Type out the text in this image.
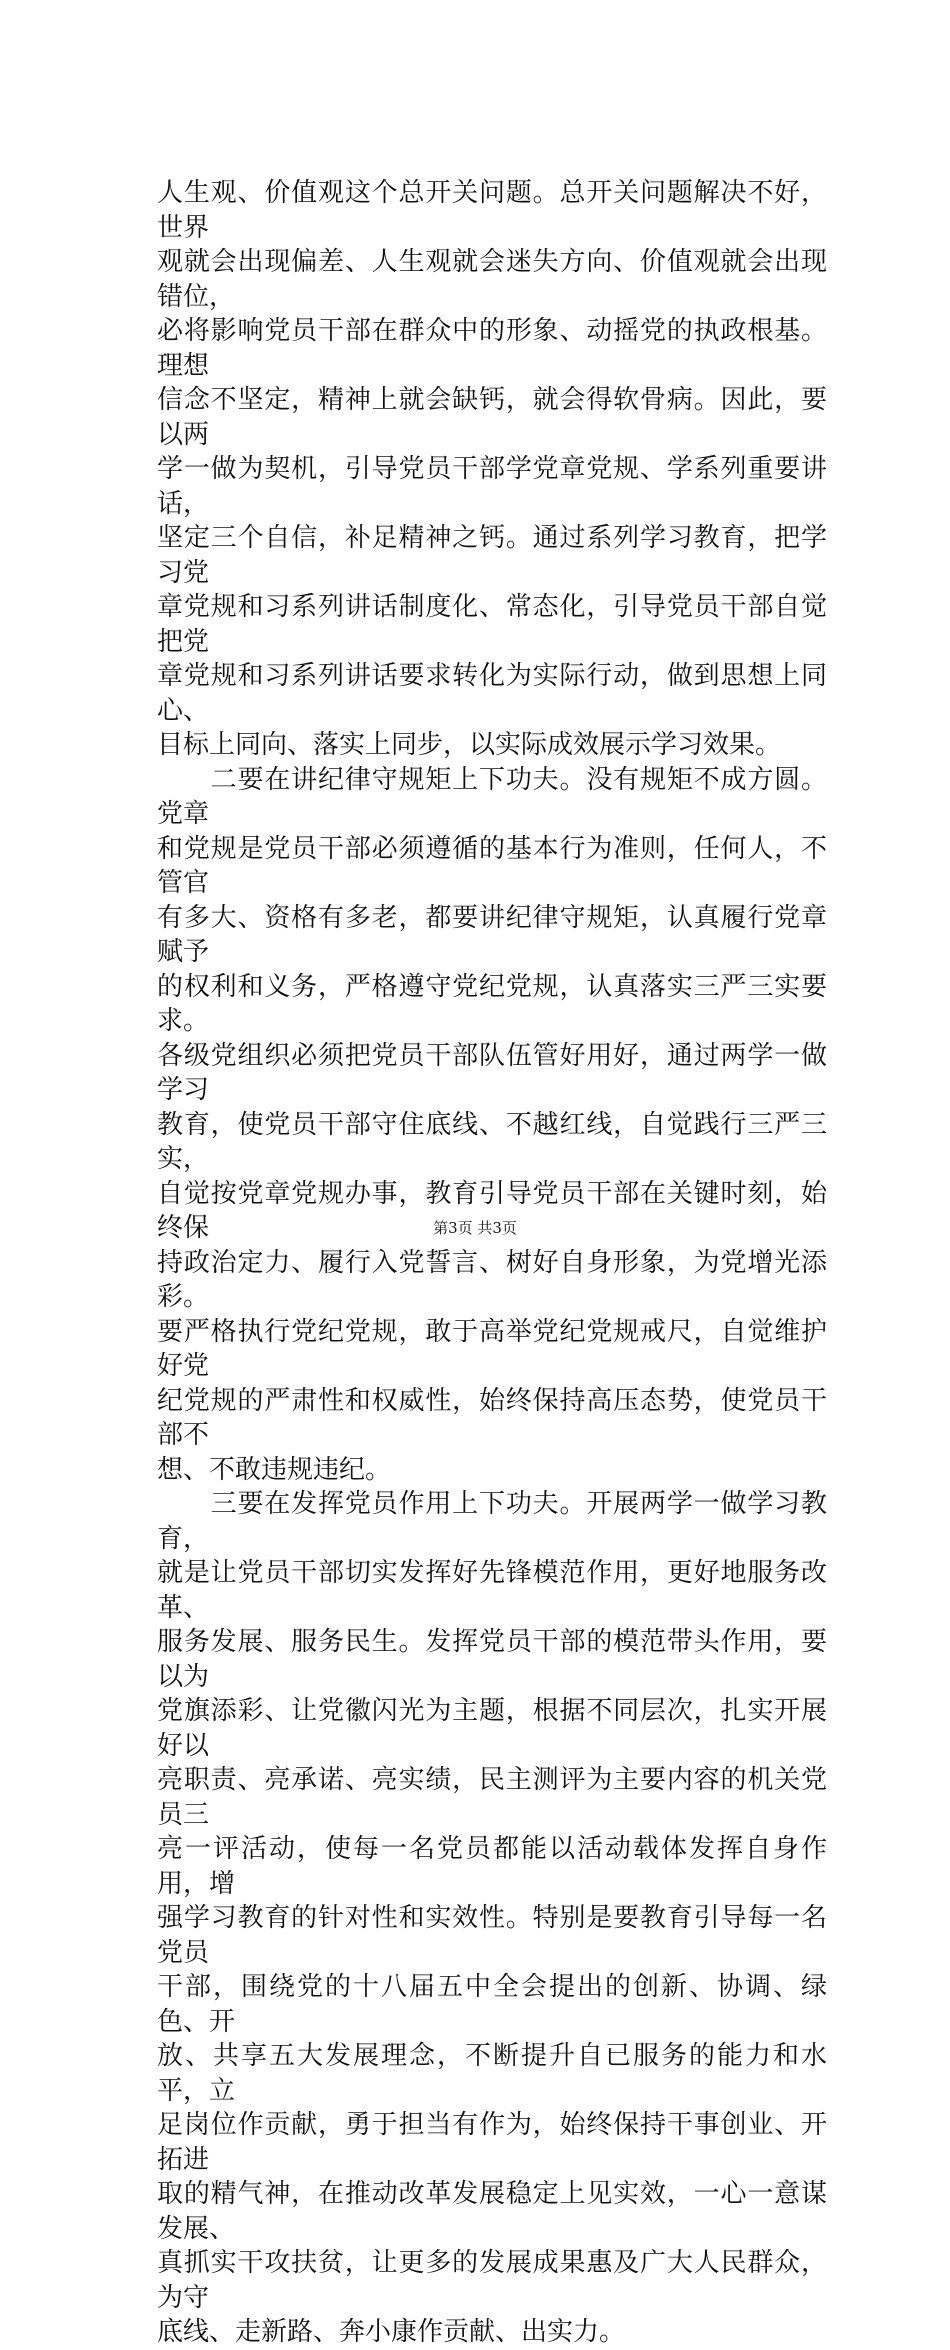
人生观、价值观这个总开关问题。总开关问题解决不好，世界

观就会出现偏差、人生观就会迷失方向、价值观就会出现错位，

必将影响党员干部在群众中的形象、动摇党的执政根基。理想

信念不坚定，精神上就会缺钙，就会得软骨病。因此，要以两

学一做为契机，引导党员干部学党章党规、学系列重要讲话，

坚定三个自信，补足精神之钙。通过系列学习教育，把学习党

章党规和习系列讲话制度化、常态化，引导党员干部自觉把党

章党规和习系列讲话要求转化为实际行动，做到思想上同心、

目标上同向、落实上同步，以实际成效展示学习效果。

　　二要在讲纪律守规矩上下功夫。没有规矩不成方圆。党章

和党规是党员干部必须遵循的基本行为准则，任何人，不管官

有多大、资格有多老，都要讲纪律守规矩，认真履行党章赋予

的权利和义务，严格遵守党纪党规，认真落实三严三实要求。

各级党组织必须把党员干部队伍管好用好，通过两学一做学习

教育，使党员干部守住底线、不越红线，自觉践行三严三实，

自觉按党章党规办事，教育引导党员干部在关键时刻，始终保

持政治定力、履行入党誓言、树好自身形象，为党增光添彩。

要严格执行党纪党规，敢于高举党纪党规戒尺，自觉维护好党

纪党规的严肃性和权威性，始终保持高压态势，使党员干部不

想、不敢违规违纪。

　　三要在发挥党员作用上下功夫。开展两学一做学习教育，

就是让党员干部切实发挥好先锋模范作用，更好地服务改革、

服务发展、服务民生。发挥党员干部的模范带头作用，要以为

党旗添彩、让党徽闪光为主题，根据不同层次，扎实开展好以

亮职责、亮承诺、亮实绩，民主测评为主要内容的机关党员三

亮一评活动，使每一名党员都能以活动载体发挥自身作用，增

强学习教育的针对性和实效性。特别是要教育引导每一名党员

干部，围绕党的十八届五中全会提出的创新、协调、绿色、开

放、共享五大发展理念，不断提升自已服务的能力和水平，立

足岗位作贡献，勇于担当有作为，始终保持干事创业、开拓进

取的精气神，在推动改革发展稳定上见实效，一心一意谋发展、

真抓实干攻扶贫，让更多的发展成果惠及广大人民群众，为守

底线、走新路、奔小康作贡献、出实力。

第3页 共3页
